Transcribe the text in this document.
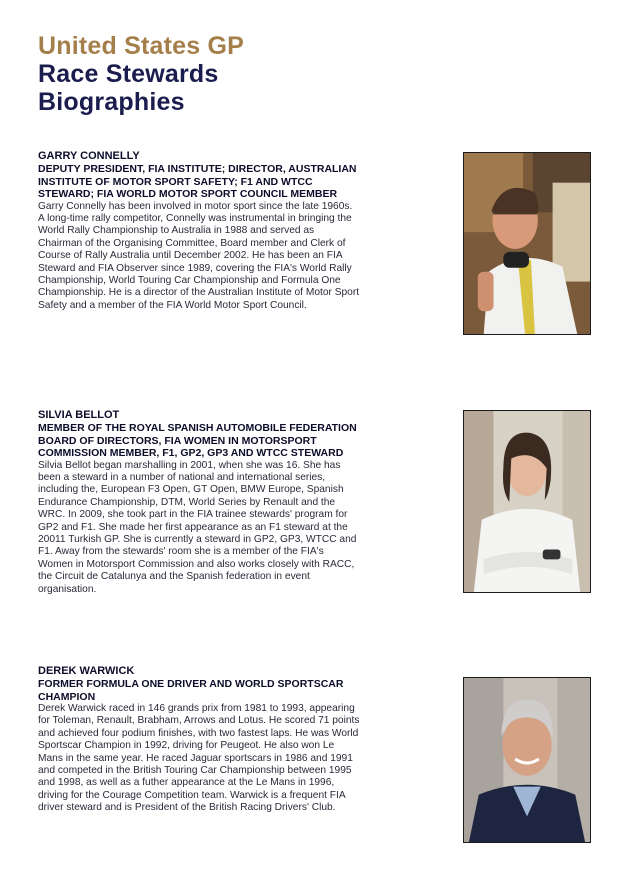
United States GP
Race Stewards
Biographies
GARRY CONNELLY
DEPUTY PRESIDENT, FIA INSTITUTE; DIRECTOR, AUSTRALIAN INSTITUTE OF MOTOR SPORT SAFETY; F1 AND WTCC STEWARD; FIA WORLD MOTOR SPORT COUNCIL MEMBER
Garry Connelly has been involved in motor sport since the late 1960s. A long-time rally competitor, Connelly was instrumental in bringing the World Rally Championship to Australia in 1988 and served as Chairman of the Organising Committee, Board member and Clerk of Course of Rally Australia until December 2002. He has been an FIA Steward and FIA Observer since 1989, covering the FIA's World Rally Championship, World Touring Car Championship and Formula One Championship. He is a director of the Australian Institute of Motor Sport Safety and a member of the FIA World Motor Sport Council.
SILVIA BELLOT
MEMBER OF THE ROYAL SPANISH AUTOMOBILE FEDERATION BOARD OF DIRECTORS, FIA WOMEN IN MOTORSPORT COMMISSION MEMBER, F1, GP2, GP3 AND WTCC STEWARD
Silvia Bellot began marshalling in 2001, when she was 16. She has been a steward in a number of national and international series, including the, European F3 Open, GT Open, BMW Europe, Spanish Endurance Championship, DTM, World Series by Renault and the WRC. In 2009, she took part in the FIA trainee stewards' program for GP2 and F1. She made her first appearance as an F1 steward at the 20011 Turkish GP. She is currently a steward in GP2, GP3, WTCC and F1. Away from the stewards' room she is a member of the FIA's Women in Motorsport Commission and also works closely with RACC, the Circuit de Catalunya and the Spanish federation in event organisation.
DEREK WARWICK
FORMER FORMULA ONE DRIVER AND WORLD SPORTSCAR CHAMPION
Derek Warwick raced in 146 grands prix from 1981 to 1993, appearing for Toleman, Renault, Brabham, Arrows and Lotus. He scored 71 points and achieved four podium finishes, with two fastest laps. He was World Sportscar Champion in 1992, driving for Peugeot. He also won Le Mans in the same year. He raced Jaguar sportscars in 1986 and 1991 and competed in the British Touring Car Championship between 1995 and 1998, as well as a futher appearance at the Le Mans in 1996, driving for the Courage Competition team. Warwick is a frequent FIA driver steward and is President of the British Racing Drivers' Club.
